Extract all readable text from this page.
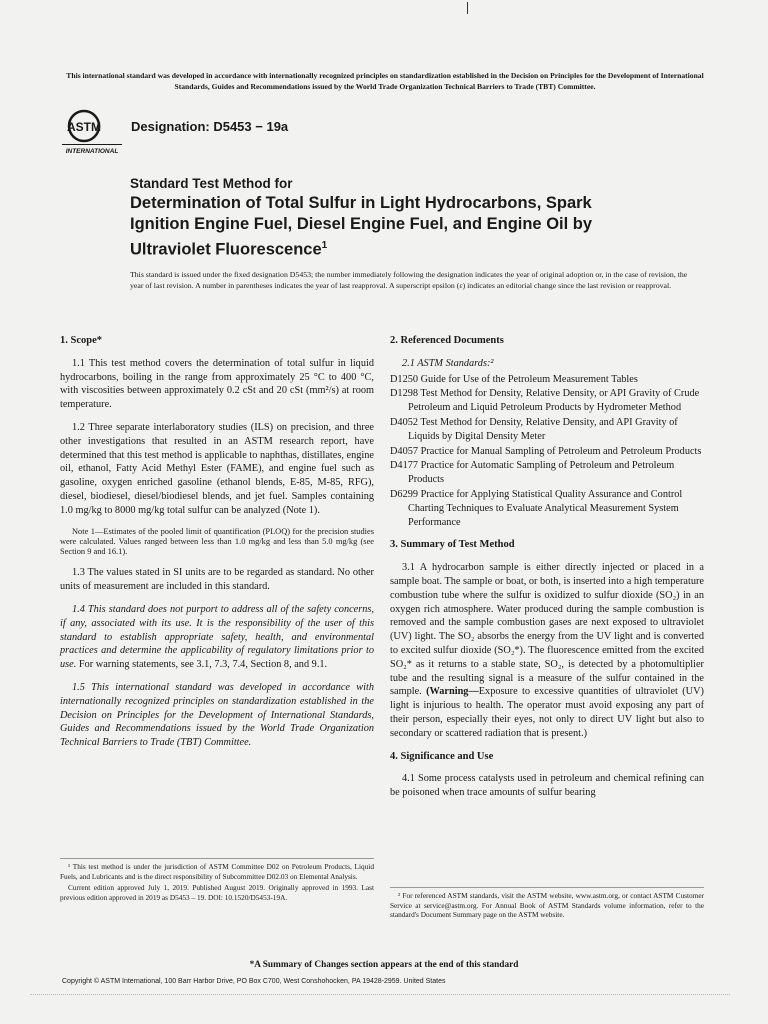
This international standard was developed in accordance with internationally recognized principles on standardization established in the Decision on Principles for the Development of International Standards, Guides and Recommendations issued by the World Trade Organization Technical Barriers to Trade (TBT) Committee.
ASTM
INTERNATIONAL
Designation: D5453 − 19a
Standard Test Method for
Determination of Total Sulfur in Light Hydrocarbons, Spark Ignition Engine Fuel, Diesel Engine Fuel, and Engine Oil by Ultraviolet Fluorescence$^1$
This standard is issued under the fixed designation D5453; the number immediately following the designation indicates the year of original adoption or, in the case of revision, the year of last revision. A number in parentheses indicates the year of last reapproval. A superscript epsilon (ε) indicates an editorial change since the last revision or reapproval.
1. Scope*

1.1 This test method covers the determination of total sulfur in liquid hydrocarbons, boiling in the range from approximately 25 °C to 400 °C, with viscosities between approximately 0.2 cSt and 20 cSt (mm²/s) at room temperature.

1.2 Three separate interlaboratory studies (ILS) on precision, and three other investigations that resulted in an ASTM research report, have determined that this test method is applicable to naphthas, distillates, engine oil, ethanol, Fatty Acid Methyl Ester (FAME), and engine fuel such as gasoline, oxygen enriched gasoline (ethanol blends, E-85, M-85, RFG), diesel, biodiesel, diesel/biodiesel blends, and jet fuel. Samples containing 1.0 mg/kg to 8000 mg/kg total sulfur can be analyzed (Note 1).

Note 1—Estimates of the pooled limit of quantification (PLOQ) for the precision studies were calculated. Values ranged between less than 1.0 mg/kg and less than 5.0 mg/kg (see Section 9 and 16.1).

1.3 The values stated in SI units are to be regarded as standard. No other units of measurement are included in this standard.

1.4 This standard does not purport to address all of the safety concerns, if any, associated with its use. It is the responsibility of the user of this standard to establish appropriate safety, health, and environmental practices and determine the applicability of regulatory limitations prior to use. For warning statements, see 3.1, 7.3, 7.4, Section 8, and 9.1.

1.5 This international standard was developed in accordance with internationally recognized principles on standardization established in the Decision on Principles for the Development of International Standards, Guides and Recommendations issued by the World Trade Organization Technical Barriers to Trade (TBT) Committee.

2. Referenced Documents
2.1 ASTM Standards:²
D1250 Guide for Use of the Petroleum Measurement Tables
D1298 Test Method for Density, Relative Density, or API Gravity of Crude Petroleum and Liquid Petroleum Products by Hydrometer Method
D4052 Test Method for Density, Relative Density, and API Gravity of Liquids by Digital Density Meter
D4057 Practice for Manual Sampling of Petroleum and Petroleum Products
D4177 Practice for Automatic Sampling of Petroleum and Petroleum Products
D6299 Practice for Applying Statistical Quality Assurance and Control Charting Techniques to Evaluate Analytical Measurement System Performance
3. Summary of Test Method

3.1 A hydrocarbon sample is either directly injected or placed in a sample boat. The sample or boat, or both, is inserted into a high temperature combustion tube where the sulfur is oxidized to sulfur dioxide (SO₂) in an oxygen rich atmosphere. Water produced during the sample combustion is removed and the sample combustion gases are next exposed to ultraviolet (UV) light. The SO₂ absorbs the energy from the UV light and is converted to excited sulfur dioxide (SO₂*). The fluorescence emitted from the excited SO₂* as it returns to a stable state, SO₂, is detected by a photomultiplier tube and the resulting signal is a measure of the sulfur contained in the sample. (Warning—Exposure to excessive quantities of ultraviolet (UV) light is injurious to health. The operator must avoid exposing any part of their person, especially their eyes, not only to direct UV light but also to secondary or scattered radiation that is present.)

4. Significance and Use

4.1 Some process catalysts used in petroleum and chemical refining can be poisoned when trace amounts of sulfur bearing

¹ This test method is under the jurisdiction of ASTM Committee D02 on Petroleum Products, Liquid Fuels, and Lubricants and is the direct responsibility of Subcommittee D02.03 on Elemental Analysis.

Current edition approved July 1, 2019. Published August 2019. Originally approved in 1993. Last previous edition approved in 2019 as D5453 – 19. DOI: 10.1520/D5453-19A.	² For referenced ASTM standards, visit the ASTM website, www.astm.org, or contact ASTM Customer Service at service@astm.org. For Annual Book of ASTM Standards volume information, refer to the standard's Document Summary page on the ASTM website.

*A Summary of Changes section appears at the end of this standard
Copyright © ASTM International, 100 Barr Harbor Drive, PO Box C700, West Conshohocken, PA 19428-2959. United States
